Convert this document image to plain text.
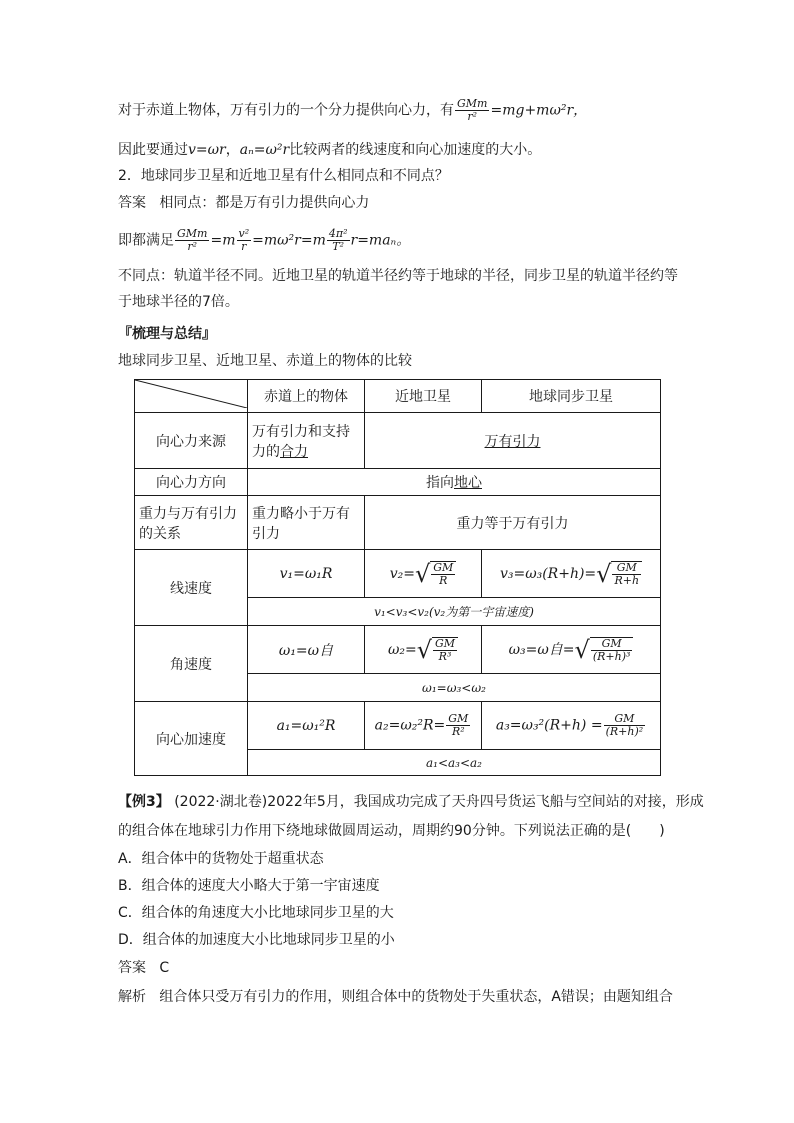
对于赤道上物体，万有引力的一个分力提供向心力，有 $\frac{\text{GMm}}{\text{r²}} =mg+m\omega^2r$，
因此要通过v=ωr，aₙ=ω²r比较两者的线速度和向心加速度的大小。
2．地球同步卫星和近地卫星有什么相同点和不同点？
答案 相同点：都是万有引力提供向心力
即都满足 $\frac{\text{GMm}}{\text{r²}} =m \frac{\text{v²}}{r} =m\omega^2r=m \frac{\text{4π²}}{\text{T²}} r=ma_n$。
不同点：轨道半径不同。近地卫星的轨道半径约等于地球的半径，同步卫星的轨道半径约等
于地球半径的7倍。
『梳理与总结』
地球同步卫星、近地卫星、赤道上的物体的比较
	赤道上的物体	近地卫星	地球同步卫星
向心力来源	万有引力和支持
力的合力	万有引力	
向心力方向	指向地心		
重力与万有引力
的关系	重力略小于万有
引力	重力等于万有引力	
线速度	v₁=ω₁R	$v_2=√ \frac{GM}{R}$	$v_3=\omega_3(R+h)=√ \frac{GM}{R+h}$

	v₁<v₃<v₂(v₂为第一宇宙速度)		
角速度	ω₁=ω自	$\omega_2=√ \frac{GM}{\text{R³}}$	ω₃=ω自=√ $\frac{GM}{\text{(R+h)³}}$

	ω₁=ω₃<ω₂		
向心加速度	a₁=ω₁²R	$a_2=\omega_2^2R= \frac{GM}{\text{R²}}$	$a_3=\omega_3^2(R+h) = \frac{GM}{\text{(R+h)²}}$

	a₁<a₃<a₂		
【例3】 (2022·湖北卷)2022年5月，我国成功完成了天舟四号货运飞船与空间站的对接，形成
的组合体在地球引力作用下绕地球做圆周运动，周期约90分钟。下列说法正确的是(　　)
A．组合体中的货物处于超重状态
B．组合体的速度大小略大于第一宇宙速度
C．组合体的角速度大小比地球同步卫星的大
D．组合体的加速度大小比地球同步卫星的小
答案 C
解析 组合体只受万有引力的作用，则组合体中的货物处于失重状态，A错误；由题知组合
